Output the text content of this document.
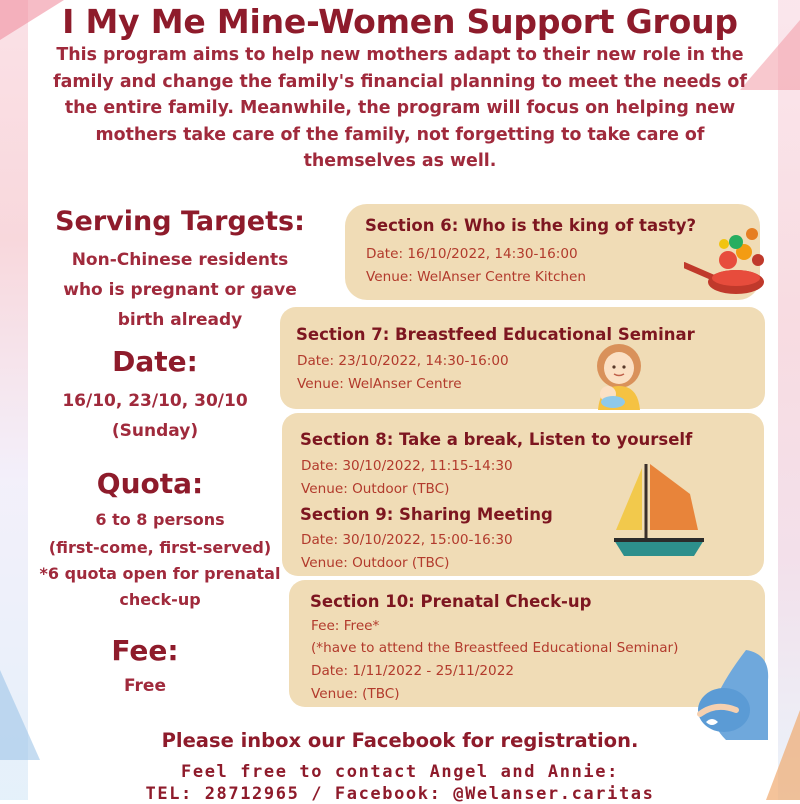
I My Me Mine-Women Support Group
This program aims to help new mothers adapt to their new role in the family and change the family's financial planning to meet the needs of the entire family. Meanwhile, the program will focus on helping new mothers take care of the family, not forgetting to take care of themselves as well.
Serving Targets:
Non-Chinese residents
who is pregnant or gave
birth already
Date:
16/10, 23/10, 30/10
(Sunday)
Quota:
6 to 8 persons
(first-come, first-served)
*6 quota open for prenatal
check-up
Fee:
Free
Section 6: Who is the king of tasty?
Date: 16/10/2022, 14:30-16:00
Venue: WelAnser Centre Kitchen
Section 7: Breastfeed Educational Seminar
Date: 23/10/2022, 14:30-16:00
Venue: WelAnser Centre
Section 8: Take a break, Listen to yourself
Date: 30/10/2022, 11:15-14:30
Venue: Outdoor (TBC)
Section 9: Sharing Meeting
Date: 30/10/2022, 15:00-16:30
Venue: Outdoor (TBC)
Section 10: Prenatal Check-up
Fee: Free*
(*have to attend the Breastfeed Educational Seminar)
Date: 1/11/2022 - 25/11/2022
Venue: (TBC)
Please inbox our Facebook for registration.
Feel free to contact Angel and Annie:
TEL: 28712965 / Facebook: @Welanser.caritas
